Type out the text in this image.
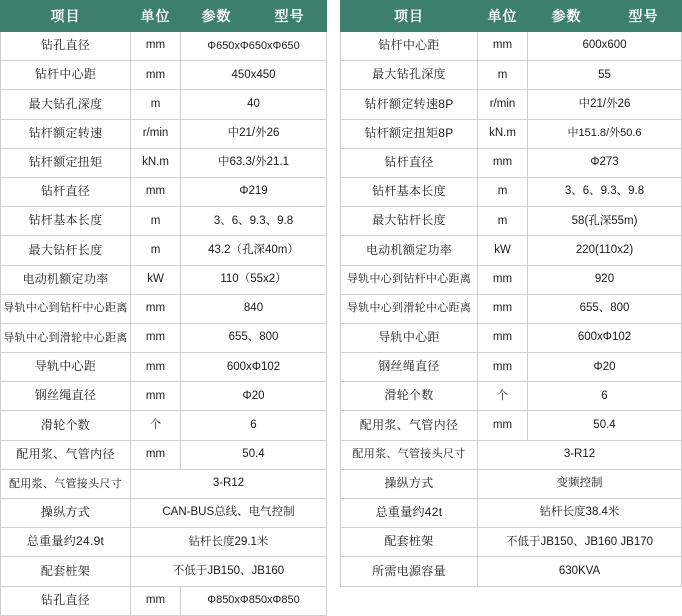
项目	单位	参数	型号
钻孔直径	mm	Φ650xΦ650xΦ650	
钻杆中心距	mm	450x450	
最大钻孔深度	m	40	
钻杆额定转速	r/min	中21/外26	
钻杆额定扭矩	kN.m	中63.3/外21.1	
钻杆直径	mm	Φ219	
钻杆基本长度	m	3、6、9.3、9.8	
最大钻杆长度	m	43.2（孔深40m）	
电动机额定功率	kW	110（55x2）	
导轨中心到钻杆中心距离	mm	840	
导轨中心到滑轮中心距离	mm	655、800	
导轨中心距	mm	600xΦ102	
钢丝绳直径	mm	Φ20	
滑轮个数	个	6	
配用浆、气管内径	mm	50.4	
配用浆、气管接头尺寸	3-R12		
操纵方式	CAN-BUS总线、电气控制		
总重量约24.9t	钻杆长度29.1米		
配套桩架	不低于JB150、JB160		
钻孔直径	mm	Φ850xΦ850xΦ850	
项目	单位	参数	型号
钻杆中心距	mm	600x600	
最大钻孔深度	m	55	
钻杆额定转速8P	r/min	中21/外26	
钻杆额定扭矩8P	kN.m	中151.8/外50.6	
钻杆直径	mm	Φ273	
钻杆基本长度	m	3、6、9.3、9.8	
最大钻杆长度	m	58(孔深55m)	
电动机额定功率	kW	220(110x2)	
导轨中心到钻杆中心距离	mm	920	
导轨中心到滑轮中心距离	mm	655、800	
导轨中心距	mm	600xΦ102	
钢丝绳直径	mm	Φ20	
滑轮个数	个	6	
配用浆、气管内径	mm	50.4	
配用浆、气管接头尺寸	3-R12		
操纵方式	变频控制		
总重量约42t	钻杆长度38.4米		
配套桩架	不低于JB150、JB160 JB170		
所需电源容量	630KVA		
